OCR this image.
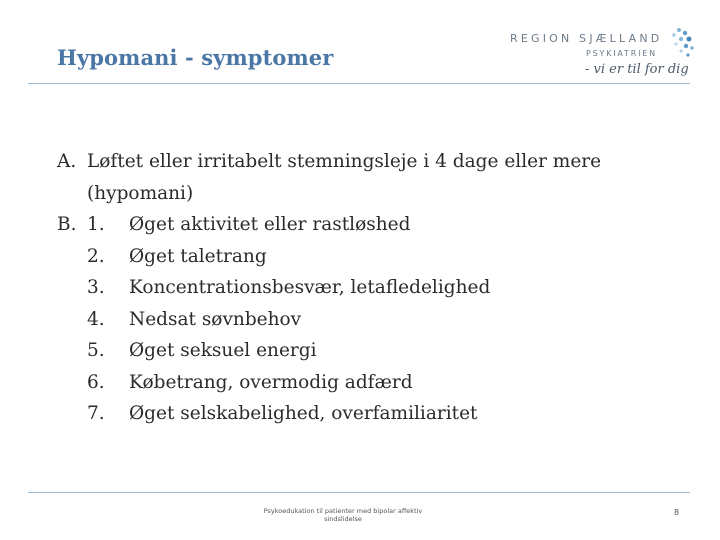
Hypomani - symptomer
REGION SJÆLLAND
PSYKIATRIEN
- vi er til for dig
A. Løftet eller irritabelt stemningsleje i 4 dage eller mere
(hypomani)
B. 1.	Øget aktivitet eller rastløshed
2.	Øget taletrang
3.	Koncentrationsbesvær, letafledelighed
4.	Nedsat søvnbehov
5.	Øget seksuel energi
6.	Købetrang, overmodig adfærd
7.	Øget selskabelighed, overfamiliaritet
Psykoedukation til patienter med bipolar affektiv
sindslidelse
8
